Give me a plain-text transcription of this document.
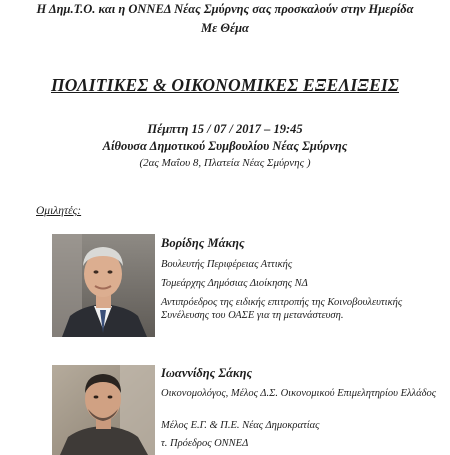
Η Δημ.Τ.Ο. και η ΟΝΝΕΔ Νέας Σμύρνης σας προσκαλούν στην Ημερίδα
Με Θέμα
ΠΟΛΙΤΙΚΕΣ & ΟΙΚΟΝΟΜΙΚΕΣ ΕΞΕΛΙΞΕΙΣ
Πέμπτη 15 / 07 / 2017 – 19:45
Αίθουσα Δημοτικού Συμβουλίου Νέας Σμύρνης
(2ας Μαΐου 8, Πλατεία Νέας Σμύρνης )
Ομιλητές:
Βορίδης Μάκης
Βουλευτής Περιφέρειας Αττικής
Τομεάρχης Δημόσιας Διοίκησης ΝΔ
Αντιπρόεδρος της ειδικής επιτροπής της Κοινοβουλευτικής Συνέλευσης του ΟΑΣΕ για τη μετανάστευση.
Ιωαννίδης Σάκης
Οικονομολόγος, Μέλος Δ.Σ. Οικονομικού Επιμελητηρίου Ελλάδος
Μέλος Ε.Γ. & Π.Ε. Νέας Δημοκρατίας
τ. Πρόεδρος ΟΝΝΕΔ
